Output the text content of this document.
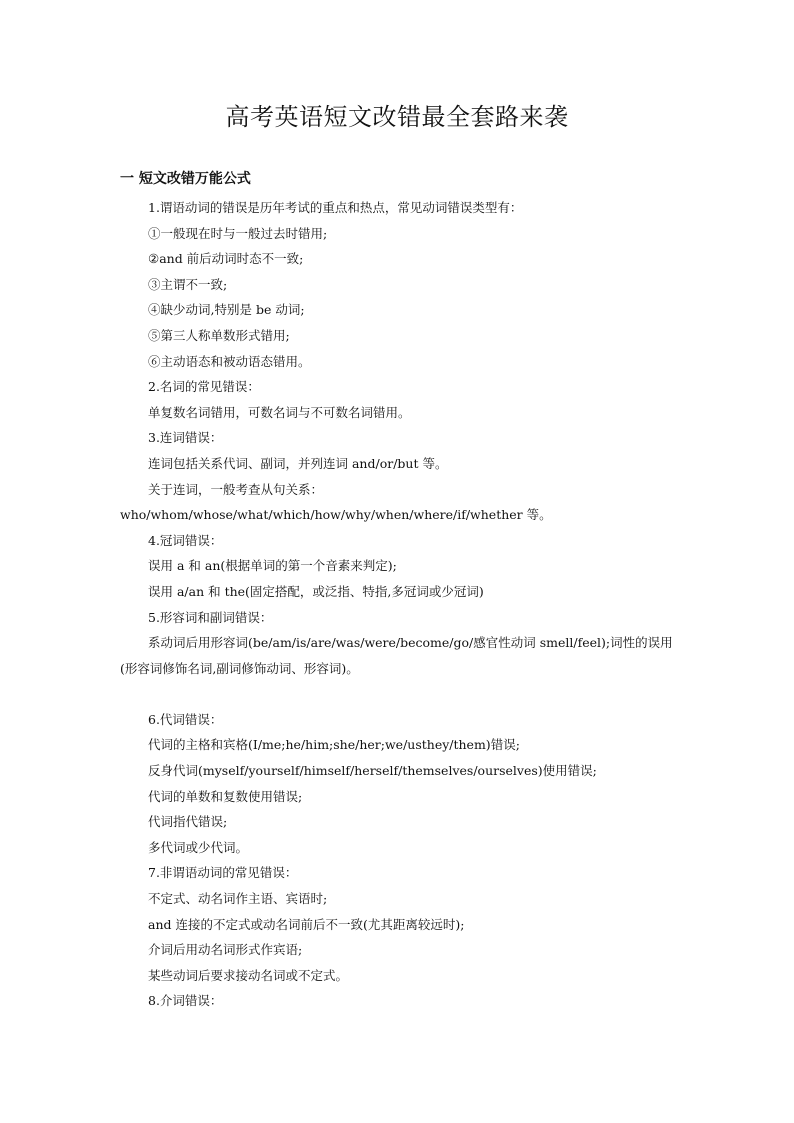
高考英语短文改错最全套路来袭
一 短文改错万能公式
1.谓语动词的错误是历年考试的重点和热点，常见动词错误类型有：
①一般现在时与一般过去时错用;
②and 前后动词时态不一致;
③主谓不一致;
④缺少动词,特别是 be 动词;
⑤第三人称单数形式错用;
⑥主动语态和被动语态错用。
2.名词的常见错误：
单复数名词错用，可数名词与不可数名词错用。
3.连词错误：
连词包括关系代词、副词，并列连词 and/or/but 等。
关于连词，一般考查从句关系：
who/whom/whose/what/which/how/why/when/where/if/whether 等。
4.冠词错误：
误用 a 和 an(根据单词的第一个音素来判定);
误用 a/an 和 the(固定搭配，或泛指、特指,多冠词或少冠词)
5.形容词和副词错误：
系动词后用形容词(be/am/is/are/was/were/become/go/感官性动词 smell/feel);词性的误用
(形容词修饰名词,副词修饰动词、形容词)。
6.代词错误：
代词的主格和宾格(I/me;he/him;she/her;we/usthey/them)错误;
反身代词(myself/yourself/himself/herself/themselves/ourselves)使用错误;
代词的单数和复数使用错误;
代词指代错误;
多代词或少代词。
7.非谓语动词的常见错误：
不定式、动名词作主语、宾语时;
and 连接的不定式或动名词前后不一致(尤其距离较远时);
介词后用动名词形式作宾语;
某些动词后要求接动名词或不定式。
8.介词错误：
